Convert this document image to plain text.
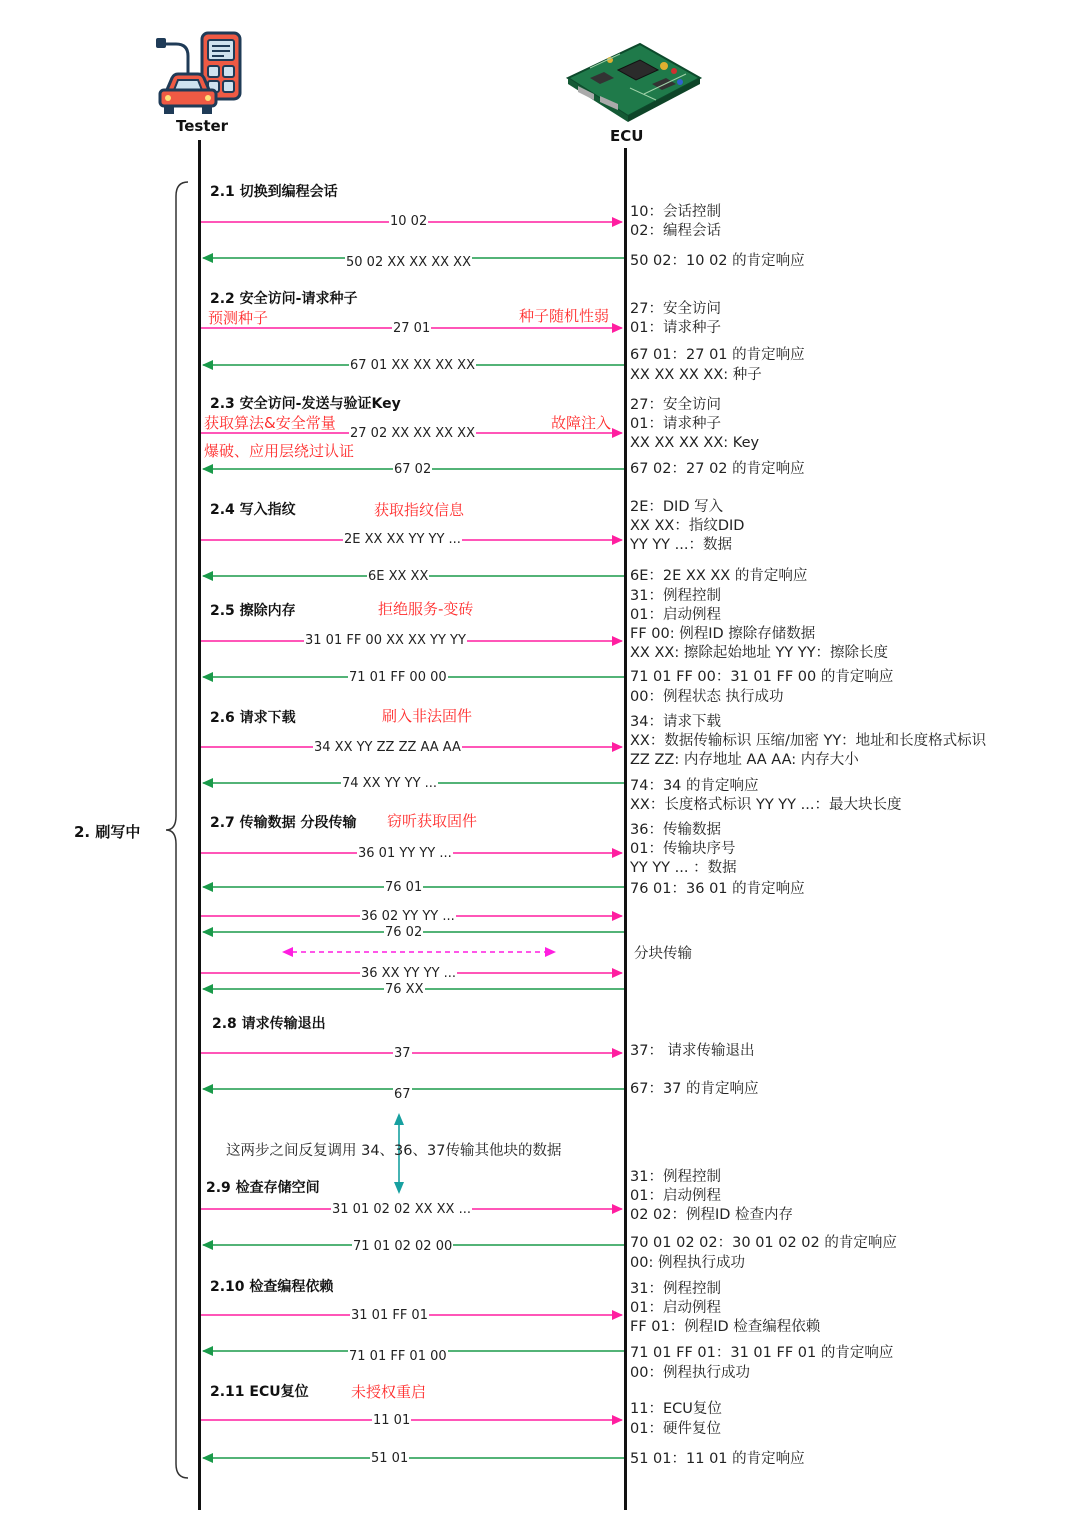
Tester
ECU
2. 刷写中
2.1 切换到编程会话
10 02
50 02 XX XX XX XX
10：会话控制
02：编程会话
50 02：10 02 的肯定响应
2.2 安全访问-请求种子
预测种子	种子随机性弱
27 01
67 01 XX XX XX XX
27：安全访问
01：请求种子
67 01：27 01 的肯定响应
XX XX XX XX: 种子
2.3 安全访问-发送与验证Key
获取算法&安全常量	故障注入
爆破、应用层绕过认证
27 02 XX XX XX XX
67 02
27：安全访问
01：请求种子
XX XX XX XX: Key
67 02：27 02 的肯定响应
2.4 写入指纹	获取指纹信息
2E XX XX YY YY ...
6E XX XX
2E：DID 写入
XX XX：指纹DID
YY YY ...：数据
6E：2E XX XX 的肯定响应
2.5 擦除内存	拒绝服务-变砖
31 01 FF 00 XX XX YY YY
71 01 FF 00 00
31：例程控制
01：启动例程
FF 00: 例程ID 擦除存储数据
XX XX: 擦除起始地址 YY YY：擦除长度
71 01 FF 00：31 01 FF 00 的肯定响应
00：例程状态 执行成功
2.6 请求下载	刷入非法固件
34 XX YY ZZ ZZ AA AA
74 XX YY YY ...
34：请求下载
XX：数据传输标识 压缩/加密 YY：地址和长度格式标识
ZZ ZZ: 内存地址 AA AA: 内存大小
74：34 的肯定响应
XX：长度格式标识 YY YY ...：最大块长度
2.7 传输数据 分段传输 窃听获取固件
36 01 YY YY ...
76 01
36 02 YY YY ...
76 02
36 XX YY YY ...
76 XX
36：传输数据
01：传输块序号
YY YY ... ：数据
76 01：36 01 的肯定响应
分块传输
2.8 请求传输退出
37
67
37： 请求传输退出
67：37 的肯定响应
这两步之间反复调用 34、36、37传输其他块的数据
2.9 检查存储空间
31 01 02 02 XX XX ...
71 01 02 02 00
31：例程控制
01：启动例程
02 02：例程ID 检查内存
70 01 02 02：30 01 02 02 的肯定响应
00: 例程执行成功
2.10 检查编程依赖
31 01 FF 01
71 01 FF 01 00
31：例程控制
01：启动例程
FF 01：例程ID 检查编程依赖
71 01 FF 01：31 01 FF 01 的肯定响应
00：例程执行成功
2.11 ECU复位	未授权重启
11 01
51 01
11：ECU复位
01：硬件复位
51 01：11 01 的肯定响应
